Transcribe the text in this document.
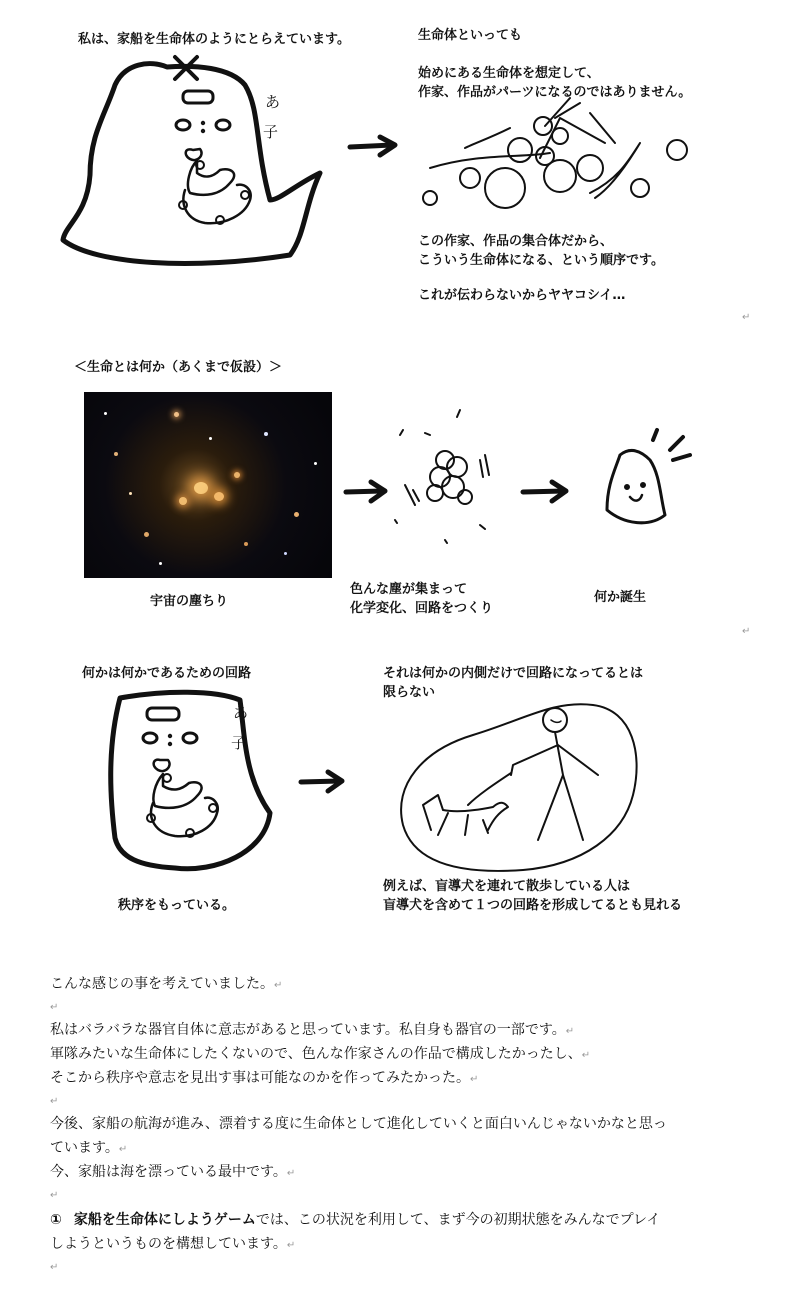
私は、家船を生命体のようにとらえています。
あ
子
生命体といっても
始めにある生命体を想定して、
作家、作品がパーツになるのではありません。
この作家、作品の集合体だから、
こういう生命体になる、という順序です。
これが伝わらないからヤヤコシイ…
↵
＜生命とは何か（あくまで仮設）＞
宇宙の塵ちり
色んな塵が集まって
化学変化、回路をつくり
何か誕生
↵
何かは何かであるための回路
あ
子
秩序をもっている。
それは何かの内側だけで回路になってるとは
限らない
例えば、盲導犬を連れて散歩している人は
盲導犬を含めて１つの回路を形成してるとも見れる
こんな感じの事を考えていました。↵
↵
私はバラバラな器官自体に意志があると思っています。私自身も器官の一部です。↵
軍隊みたいな生命体にしたくないので、色んな作家さんの作品で構成したかったし、↵
そこから秩序や意志を見出す事は可能なのかを作ってみたかった。↵
↵
今後、家船の航海が進み、漂着する度に生命体として進化していくと面白いんじゃないかなと思っ
ています。↵
今、家船は海を漂っている最中です。↵
↵
① 家船を生命体にしようゲームでは、この状況を利用して、まず今の初期状態をみんなでプレイ
しようというものを構想しています。↵
↵
